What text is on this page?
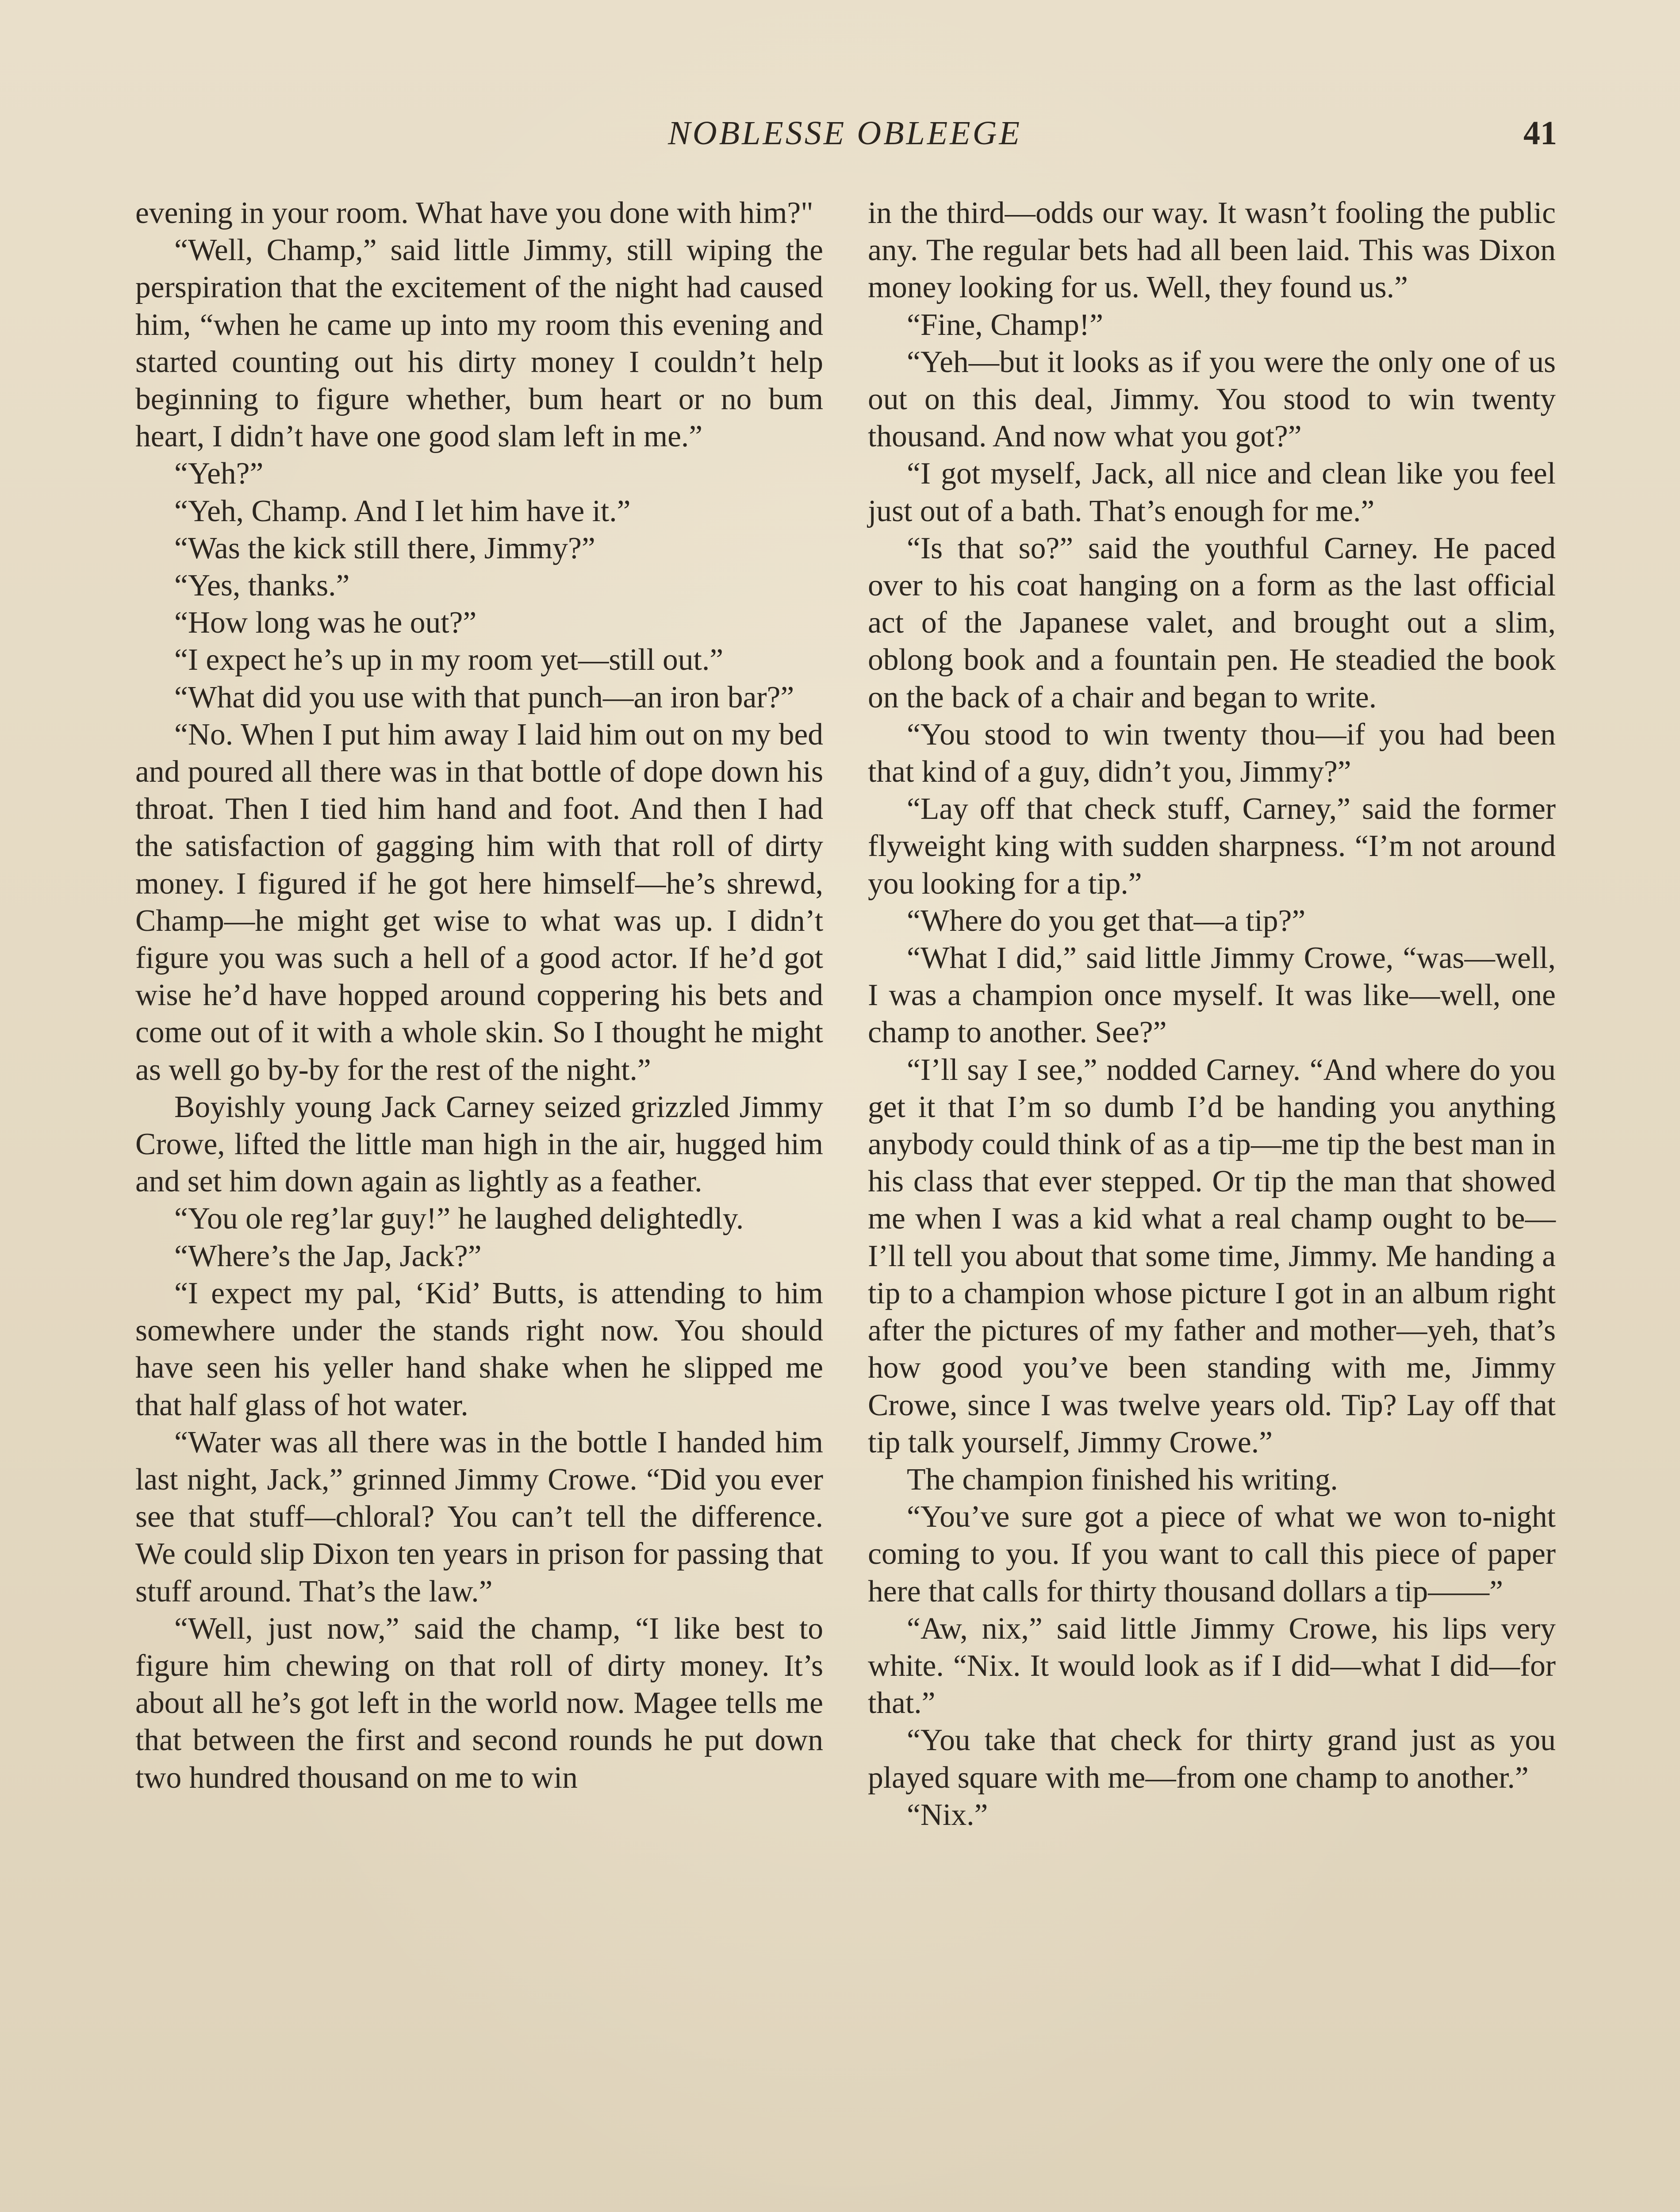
NOBLESSE OBLEEGE	41

evening in your room. What have you done with him?"

“Well, Champ,” said little Jimmy, still wiping the perspiration that the excitement of the night had caused him, “when he came up into my room this evening and started counting out his dirty money I couldn’t help beginning to figure whether, bum heart or no bum heart, I didn’t have one good slam left in me.”

“Yeh?”

“Yeh, Champ. And I let him have it.”

“Was the kick still there, Jimmy?”

“Yes, thanks.”

“How long was he out?”

“I expect he’s up in my room yet—still out.”

“What did you use with that punch—an iron bar?”

“No. When I put him away I laid him out on my bed and poured all there was in that bottle of dope down his throat. Then I tied him hand and foot. And then I had the satisfaction of gagging him with that roll of dirty money. I figured if he got here himself—he’s shrewd, Champ—he might get wise to what was up. I didn’t figure you was such a hell of a good actor. If he’d got wise he’d have hopped around coppering his bets and come out of it with a whole skin. So I thought he might as well go by-by for the rest of the night.”

Boyishly young Jack Carney seized grizzled Jimmy Crowe, lifted the little man high in the air, hugged him and set him down again as lightly as a feather.

“You ole reg’lar guy!” he laughed delightedly.

“Where’s the Jap, Jack?”

“I expect my pal, ‘Kid’ Butts, is attending to him somewhere under the stands right now. You should have seen his yeller hand shake when he slipped me that half glass of hot water.

“Water was all there was in the bottle I handed him last night, Jack,” grinned Jimmy Crowe. “Did you ever see that stuff—chloral? You can’t tell the difference. We could slip Dixon ten years in prison for passing that stuff around. That’s the law.”

“Well, just now,” said the champ, “I like best to figure him chewing on that roll of dirty money. It’s about all he’s got left in the world now. Magee tells me that between the first and second rounds he put down two hundred thousand on me to win

in the third—odds our way. It wasn’t fooling the public any. The regular bets had all been laid. This was Dixon money looking for us. Well, they found us.”

“Fine, Champ!”

“Yeh—but it looks as if you were the only one of us out on this deal, Jimmy. You stood to win twenty thousand. And now what you got?”

“I got myself, Jack, all nice and clean like you feel just out of a bath. That’s enough for me.”

“Is that so?” said the youthful Carney. He paced over to his coat hanging on a form as the last official act of the Japanese valet, and brought out a slim, oblong book and a fountain pen. He steadied the book on the back of a chair and began to write.

“You stood to win twenty thou—if you had been that kind of a guy, didn’t you, Jimmy?”

“Lay off that check stuff, Carney,” said the former flyweight king with sudden sharpness. “I’m not around you looking for a tip.”

“Where do you get that—a tip?”

“What I did,” said little Jimmy Crowe, “was—well, I was a champion once myself. It was like—well, one champ to another. See?”

“I’ll say I see,” nodded Carney. “And where do you get it that I’m so dumb I’d be handing you anything anybody could think of as a tip—me tip the best man in his class that ever stepped. Or tip the man that showed me when I was a kid what a real champ ought to be—I’ll tell you about that some time, Jimmy. Me handing a tip to a champion whose picture I got in an album right after the pictures of my father and mother—yeh, that’s how good you’ve been standing with me, Jimmy Crowe, since I was twelve years old. Tip? Lay off that tip talk yourself, Jimmy Crowe.”

The champion finished his writing.

“You’ve sure got a piece of what we won to-night coming to you. If you want to call this piece of paper here that calls for thirty thousand dollars a tip——”

“Aw, nix,” said little Jimmy Crowe, his lips very white. “Nix. It would look as if I did—what I did—for that.”

“You take that check for thirty grand just as you played square with me—from one champ to another.”

“Nix.”
